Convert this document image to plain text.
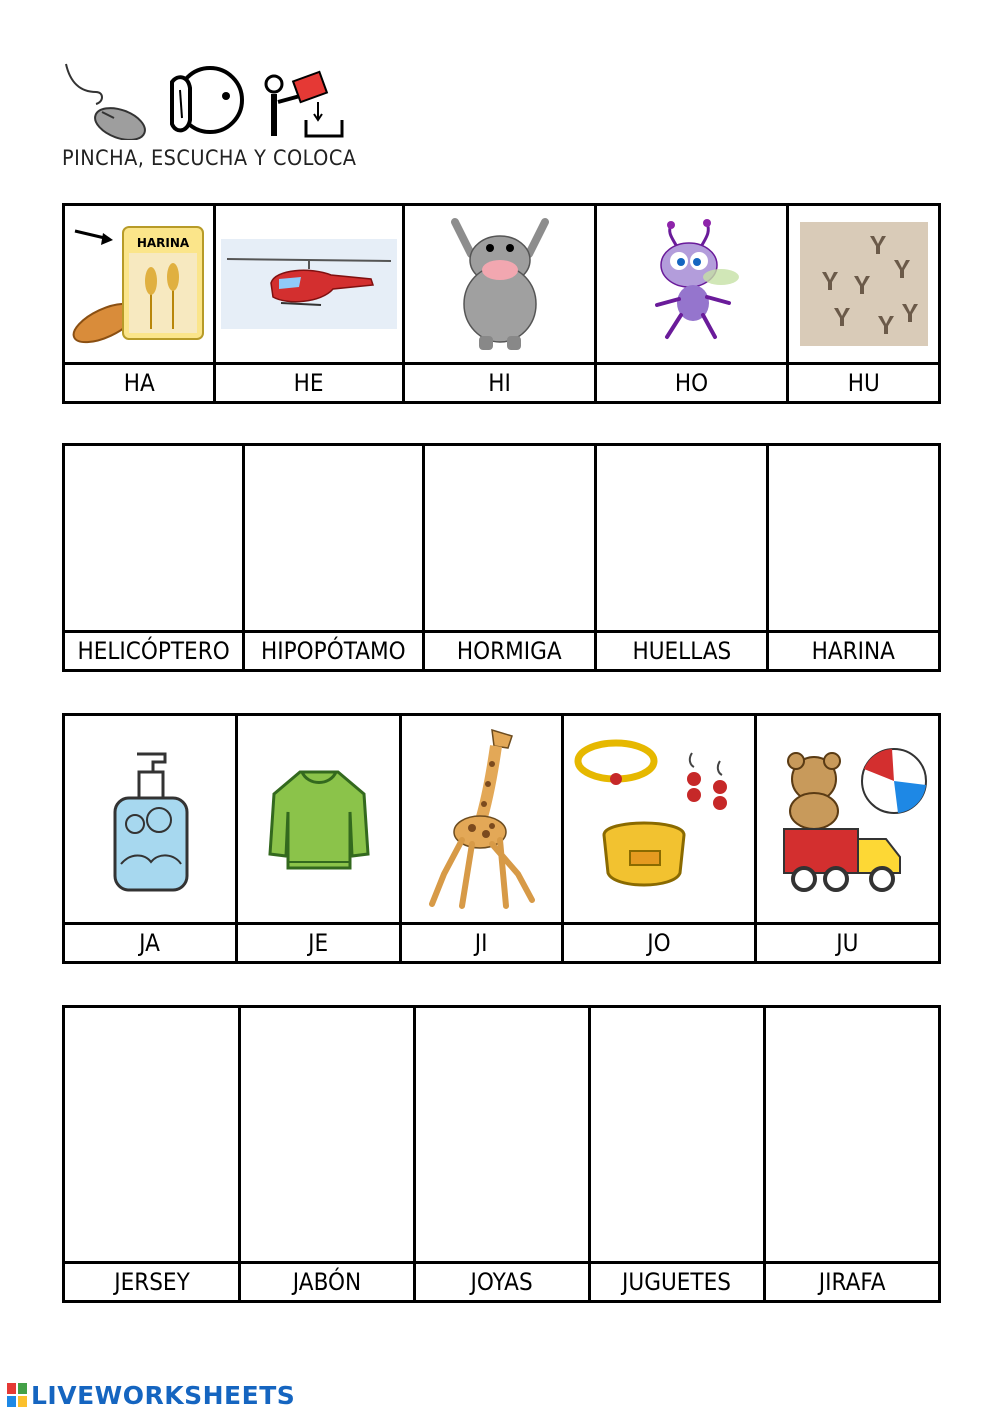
PINCHA, ESCUCHA Y COLOCA
HARINA

HA	HE	HI	HO	HU

HELICÓPTERO	HIPOPÓTAMO	HORMIGA	HUELLAS	HARINA

JA	JE	JI	JO	JU

JERSEY	JABÓN	JOYAS	JUGUETES	JIRAFA
LIVEWORKSHEETS
